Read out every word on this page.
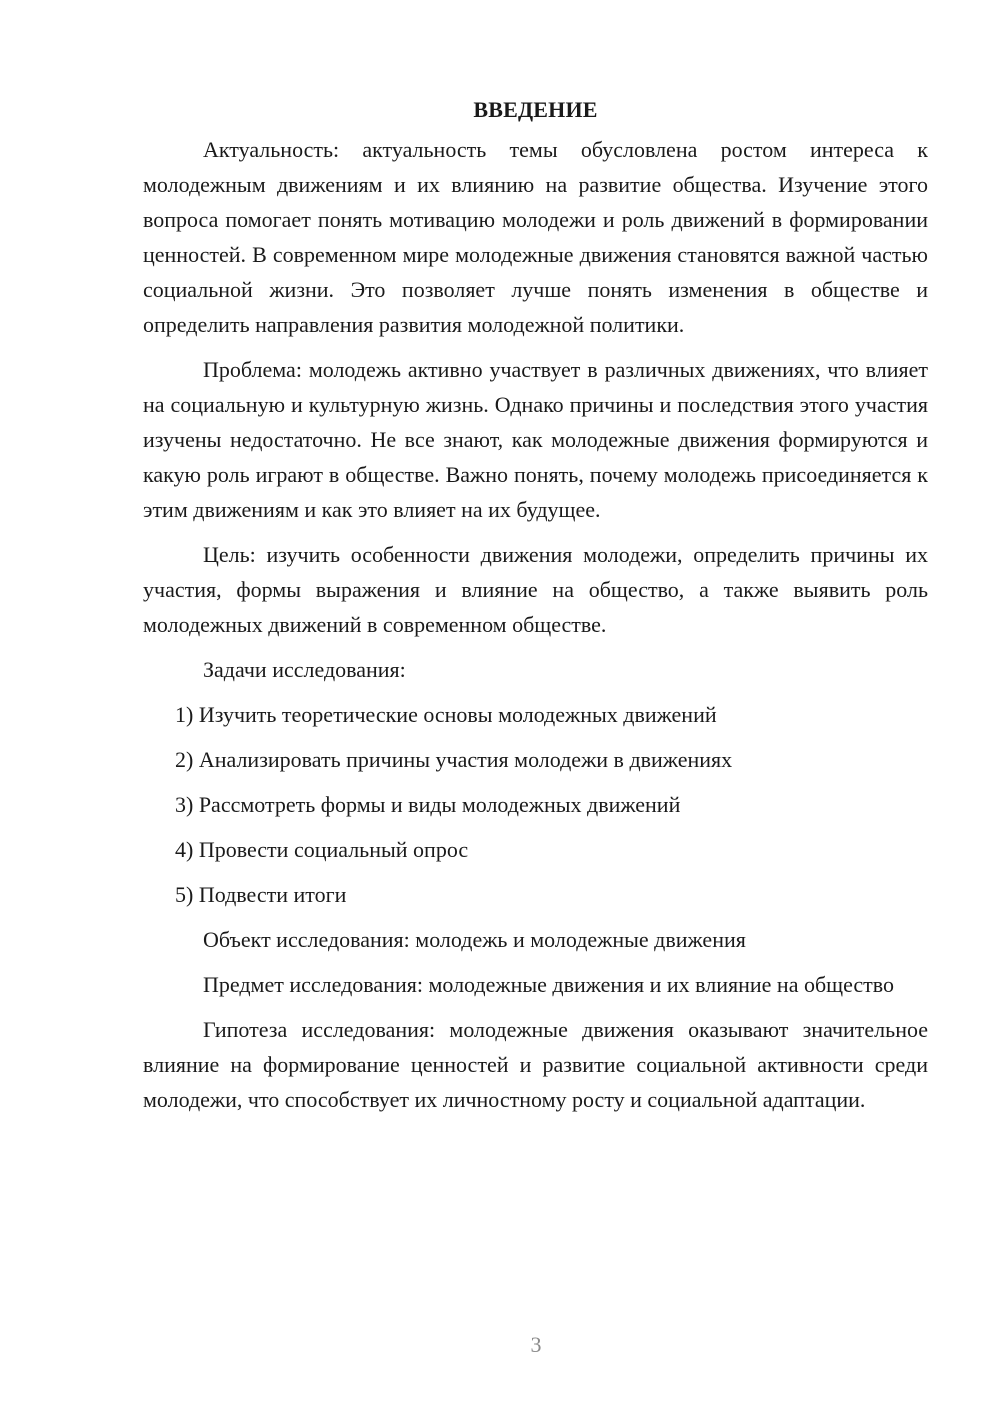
ВВЕДЕНИЕ

Актуальность: актуальность темы обусловлена ростом интереса к молодежным движениям и их влиянию на развитие общества. Изучение этого вопроса помогает понять мотивацию молодежи и роль движений в формировании ценностей. В современном мире молодежные движения становятся важной частью социальной жизни. Это позволяет лучше понять изменения в обществе и определить направления развития молодежной политики.

Проблема: молодежь активно участвует в различных движениях, что влияет на социальную и культурную жизнь. Однако причины и последствия этого участия изучены недостаточно. Не все знают, как молодежные движения формируются и какую роль играют в обществе. Важно понять, почему молодежь присоединяется к этим движениям и как это влияет на их будущее.

Цель: изучить особенности движения молодежи, определить причины их участия, формы выражения и влияние на общество, а также выявить роль молодежных движений в современном обществе.

Задачи исследования:

1) Изучить теоретические основы молодежных движений

2) Анализировать причины участия молодежи в движениях

3) Рассмотреть формы и виды молодежных движений

4) Провести социальный опрос

5) Подвести итоги

Объект исследования: молодежь и молодежные движения

Предмет исследования: молодежные движения и их влияние на общество

Гипотеза исследования: молодежные движения оказывают значительное влияние на формирование ценностей и развитие социальной активности среди молодежи, что способствует их личностному росту и социальной адаптации.

3
